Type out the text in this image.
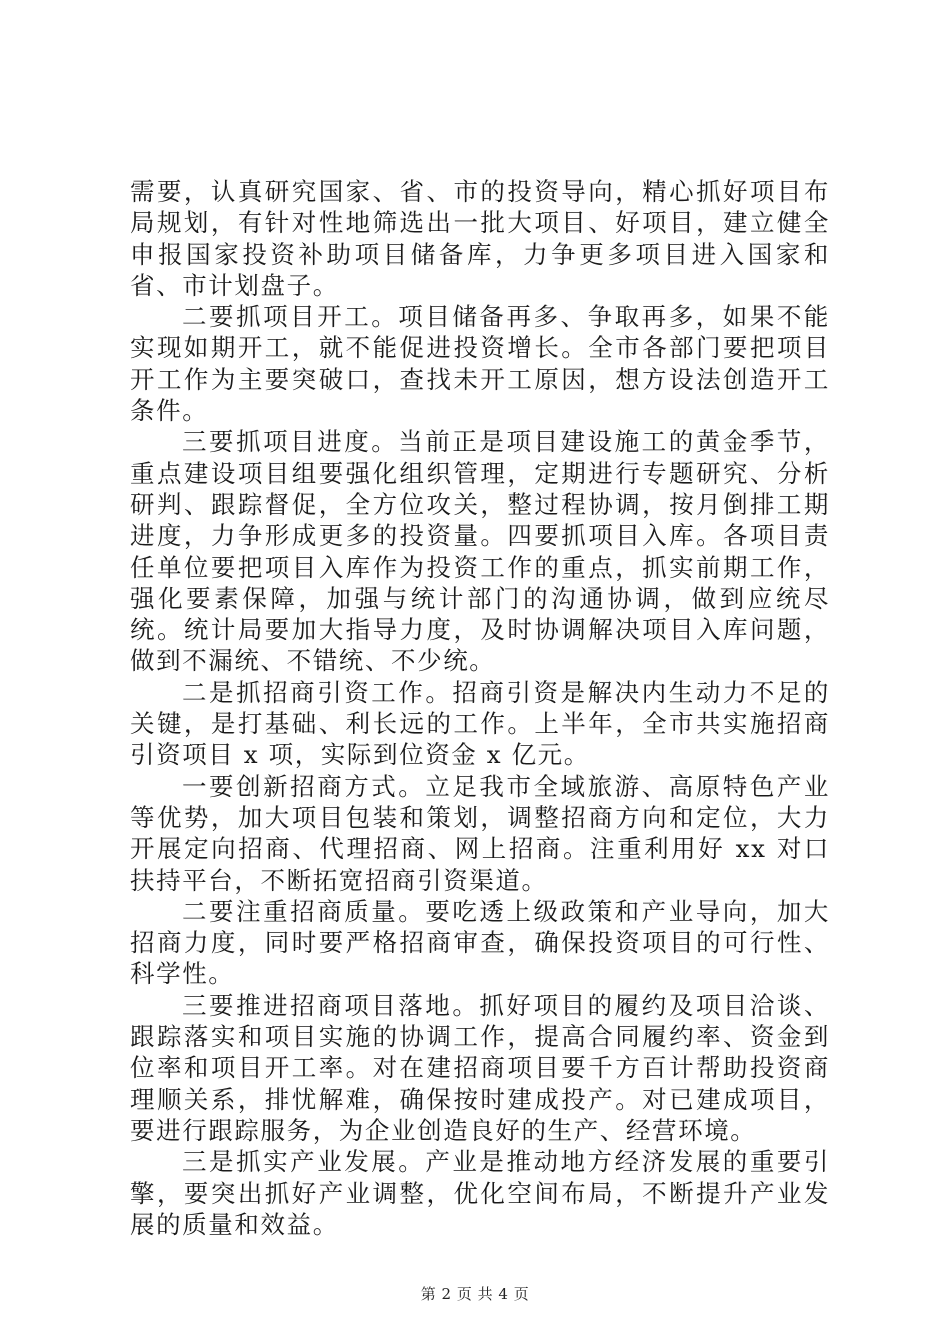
需要，认真研究国家、省、市的投资导向，精心抓好项目布局规划，有针对性地筛选出一批大项目、好项目，建立健全申报国家投资补助项目储备库，力争更多项目进入国家和省、市计划盘子。

二要抓项目开工。项目储备再多、争取再多，如果不能实现如期开工，就不能促进投资增长。全市各部门要把项目开工作为主要突破口，查找未开工原因，想方设法创造开工条件。

三要抓项目进度。当前正是项目建设施工的黄金季节，重点建设项目组要强化组织管理，定期进行专题研究、分析研判、跟踪督促，全方位攻关，整过程协调，按月倒排工期进度，力争形成更多的投资量。四要抓项目入库。各项目责任单位要把项目入库作为投资工作的重点，抓实前期工作，强化要素保障，加强与统计部门的沟通协调，做到应统尽统。统计局要加大指导力度，及时协调解决项目入库问题，做到不漏统、不错统、不少统。

二是抓招商引资工作。招商引资是解决内生动力不足的关键，是打基础、利长远的工作。上半年，全市共实施招商引资项目 x 项，实际到位资金 x 亿元。

一要创新招商方式。立足我市全域旅游、高原特色产业等优势，加大项目包装和策划，调整招商方向和定位，大力开展定向招商、代理招商、网上招商。注重利用好 xx 对口扶持平台，不断拓宽招商引资渠道。

二要注重招商质量。要吃透上级政策和产业导向，加大招商力度，同时要严格招商审查，确保投资项目的可行性、科学性。

三要推进招商项目落地。抓好项目的履约及项目洽谈、跟踪落实和项目实施的协调工作，提高合同履约率、资金到位率和项目开工率。对在建招商项目要千方百计帮助投资商理顺关系，排忧解难，确保按时建成投产。对已建成项目，要进行跟踪服务，为企业创造良好的生产、经营环境。

三是抓实产业发展。产业是推动地方经济发展的重要引擎，要突出抓好产业调整，优化空间布局，不断提升产业发展的质量和效益。

第 2 页 共 4 页
